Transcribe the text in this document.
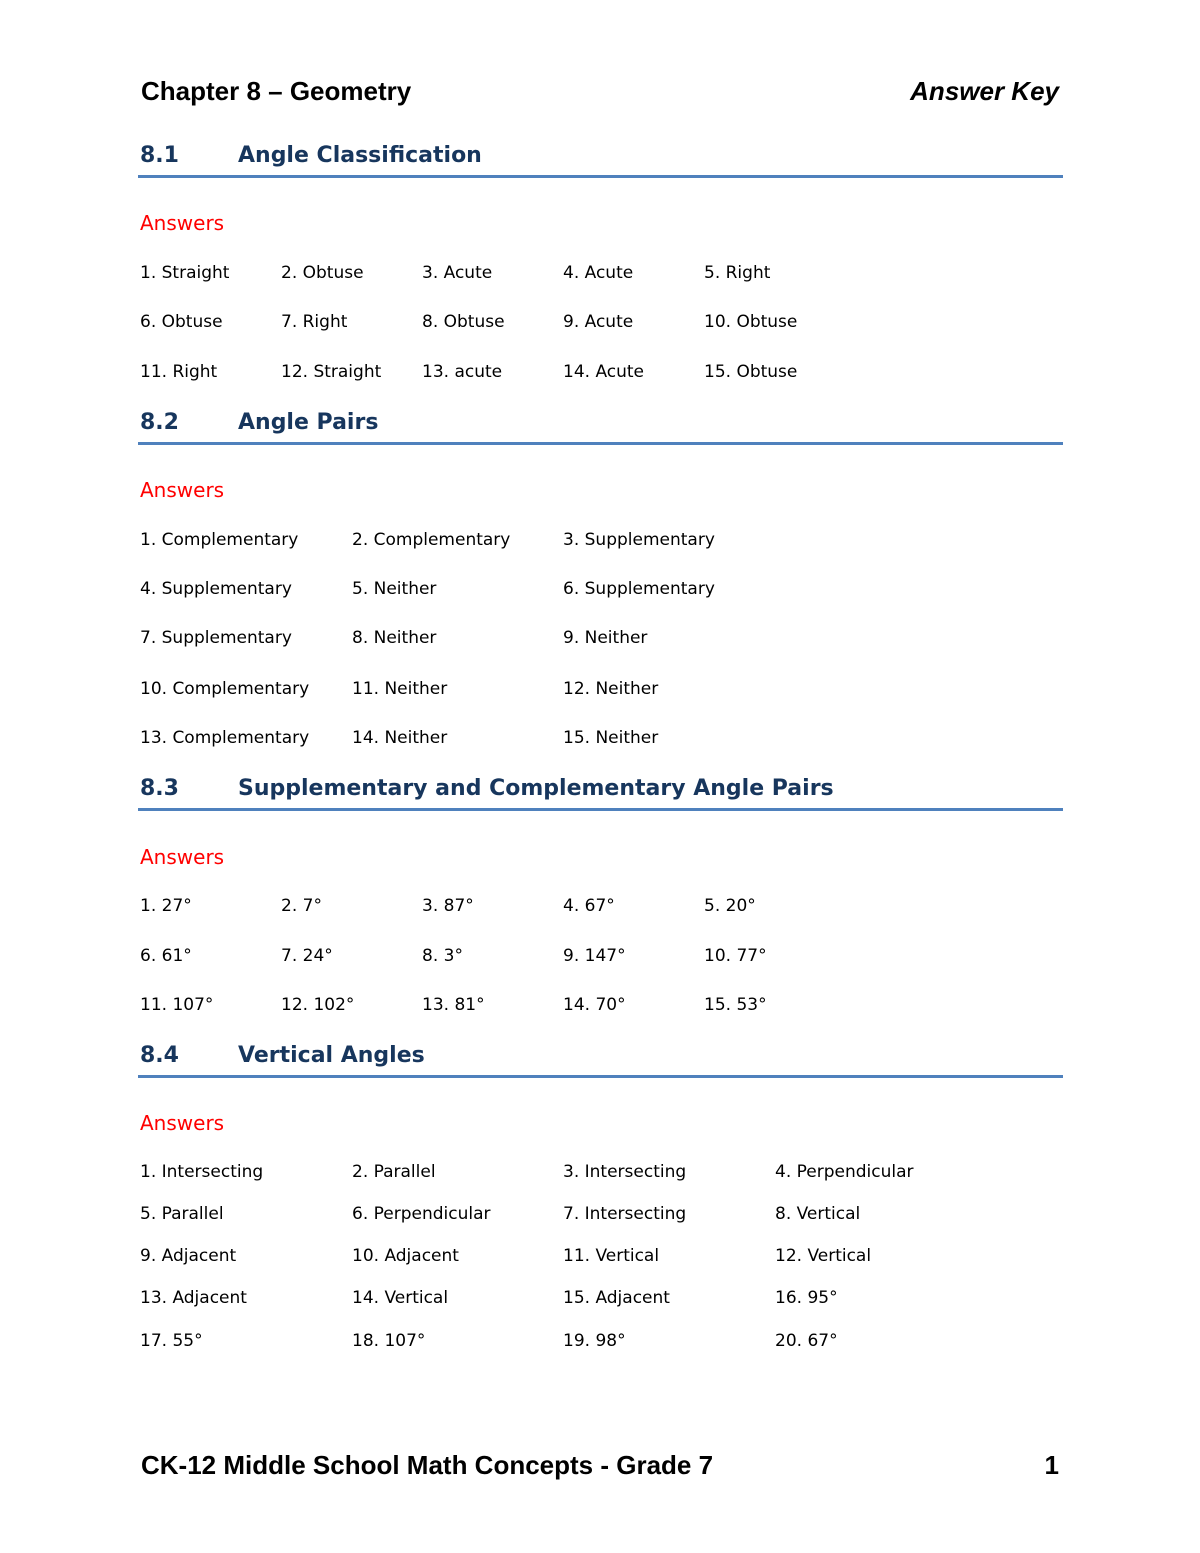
Chapter 8 – Geometry	Answer Key
8.1	Angle Classification
Answers
1. Straight	2. Obtuse	3. Acute	4. Acute	5. Right
6. Obtuse	7. Right	8. Obtuse	9. Acute	10. Obtuse
11. Right	12. Straight 13. acute	14. Acute	15. Obtuse
8.2	Angle Pairs
Answers
1. Complementary	2. Complementary	3. Supplementary
4. Supplementary	5. Neither	6. Supplementary
7. Supplementary	8. Neither	9. Neither
10. Complementary	11. Neither	12. Neither
13. Complementary	14. Neither	15. Neither
8.3	Supplementary and Complementary Angle Pairs
Answers
1. 27°	2. 7°	3. 87°	4. 67°	5. 20°
6. 61°	7. 24°	8. 3°	9. 147°	10. 77°
11. 107°	12. 102°	13. 81°	14. 70°	15. 53°
8.4	Vertical Angles
Answers
1. Intersecting	2. Parallel	3. Intersecting	4. Perpendicular
5. Parallel	6. Perpendicular	7. Intersecting	8. Vertical
9. Adjacent	10. Adjacent	11. Vertical	12. Vertical
13. Adjacent	14. Vertical	15. Adjacent	16. 95°
17. 55°	18. 107°	19. 98°	20. 67°
CK-12 Middle School Math Concepts - Grade 7	1
